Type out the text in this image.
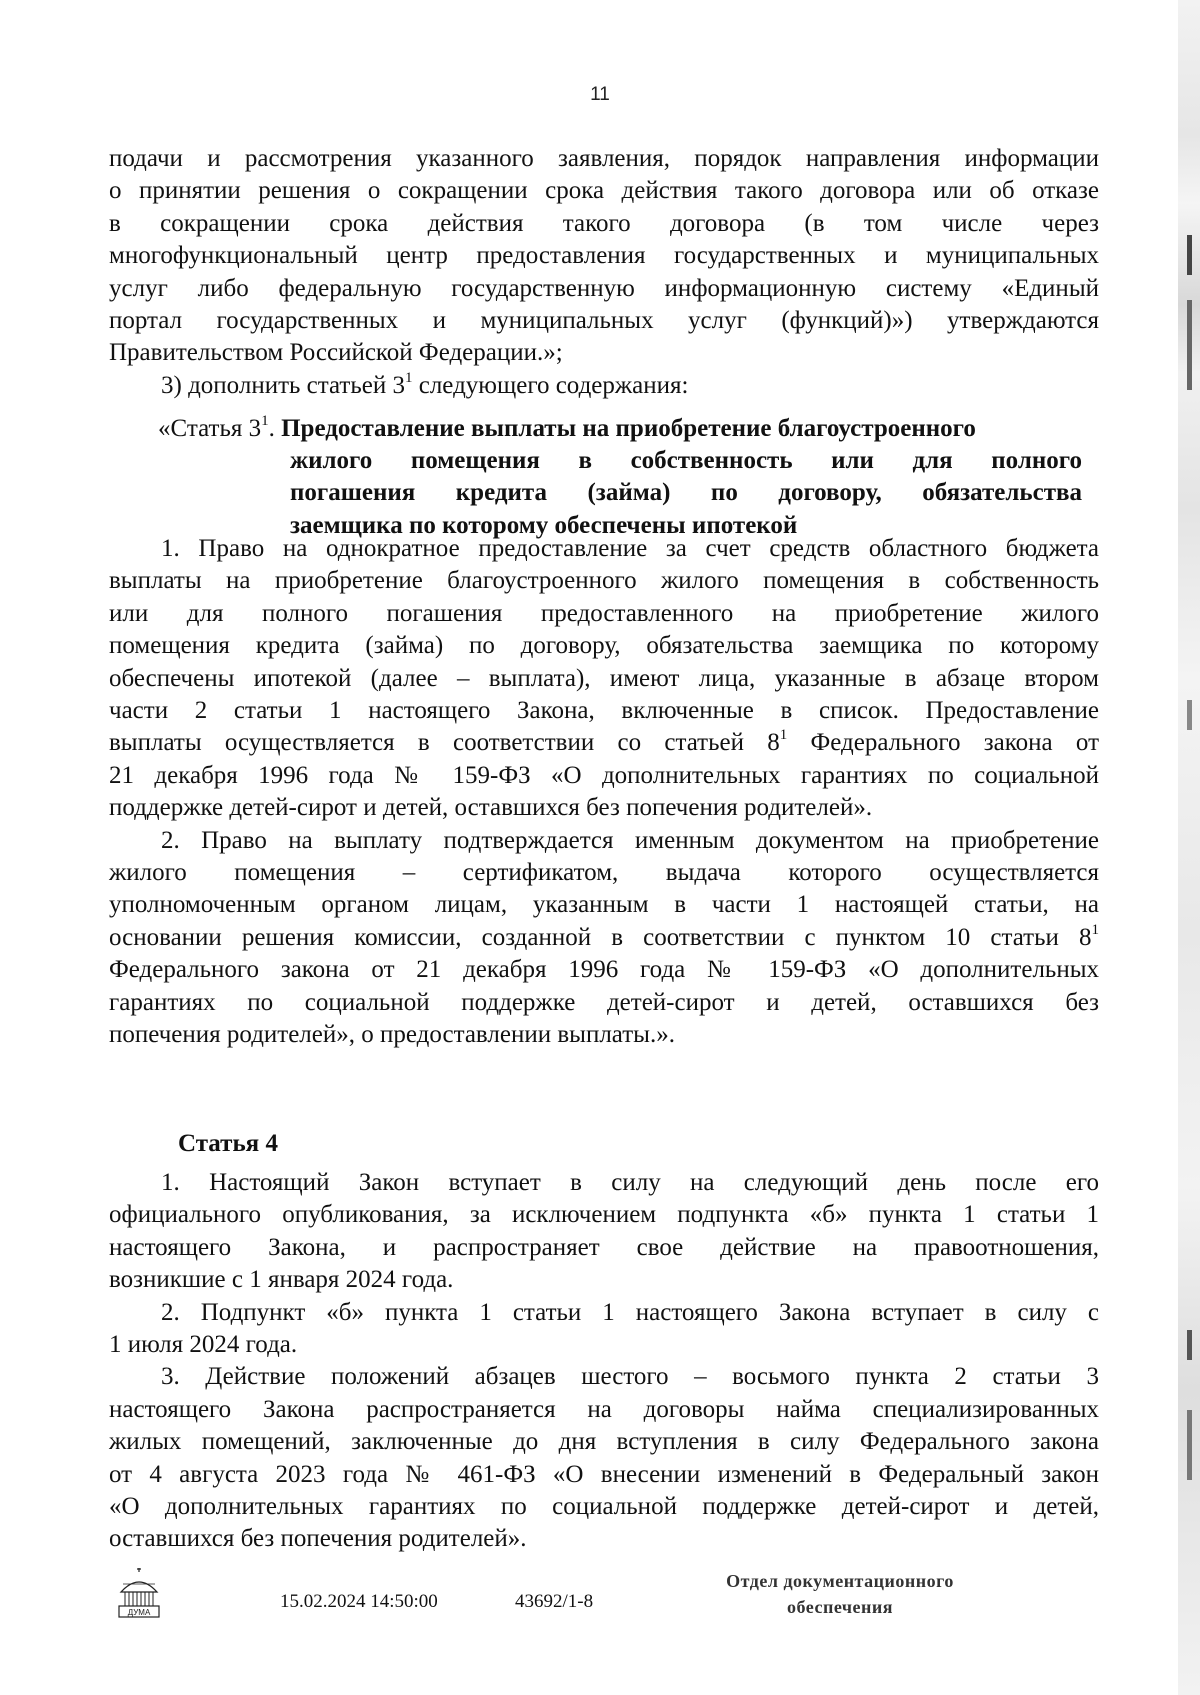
11

подачи и рассмотрения указанного заявления, порядок направления информации

о принятии решения о сокращении срока действия такого договора или об отказе

в сокращении срока действия такого договора (в том числе через

многофункциональный центр предоставления государственных и муниципальных

услуг либо федеральную государственную информационную систему «Единый

портал государственных и муниципальных услуг (функций)») утверждаются

Правительством Российской Федерации.»;

3) дополнить статьей $3^1$ следующего содержания:

«Статья $3^1$. Предоставление выплаты на приобретение благоустроенного

жилого помещения в собственность или для полного

погашения кредита (займа) по договору, обязательства

заемщика по которому обеспечены ипотекой

1. Право на однократное предоставление за счет средств областного бюджета

выплаты на приобретение благоустроенного жилого помещения в собственность

или для полного погашения предоставленного на приобретение жилого

помещения кредита (займа) по договору, обязательства заемщика по которому

обеспечены ипотекой (далее – выплата), имеют лица, указанные в абзаце втором

части 2 статьи 1 настоящего Закона, включенные в список. Предоставление

выплаты осуществляется в соответствии со статьей $8^1$ Федерального закона от

21 декабря 1996 года № 159-ФЗ «О дополнительных гарантиях по социальной

поддержке детей-сирот и детей, оставшихся без попечения родителей».

2. Право на выплату подтверждается именным документом на приобретение

жилого помещения – сертификатом, выдача которого осуществляется

уполномоченным органом лицам, указанным в части 1 настоящей статьи, на

основании решения комиссии, созданной в соответствии с пунктом 10 статьи $8^1$

Федерального закона от 21 декабря 1996 года № 159-ФЗ «О дополнительных

гарантиях по социальной поддержке детей-сирот и детей, оставшихся без

попечения родителей», о предоставлении выплаты.».

Статья 4

1. Настоящий Закон вступает в силу на следующий день после его

официального опубликования, за исключением подпункта «б» пункта 1 статьи 1

настоящего Закона, и распространяет свое действие на правоотношения,

возникшие с 1 января 2024 года.

2. Подпункт «б» пункта 1 статьи 1 настоящего Закона вступает в силу с

1 июля 2024 года.

3. Действие положений абзацев шестого – восьмого пункта 2 статьи 3

настоящего Закона распространяется на договоры найма специализированных

жилых помещений, заключенные до дня вступления в силу Федерального закона

от 4 августа 2023 года № 461-ФЗ «О внесении изменений в Федеральный закон

«О дополнительных гарантиях по социальной поддержке детей-сирот и детей,

оставшихся без попечения родителей».

ДУМА
15.02.2024 14:50:00	43692/1-8
Отдел документационного
обеспечения
